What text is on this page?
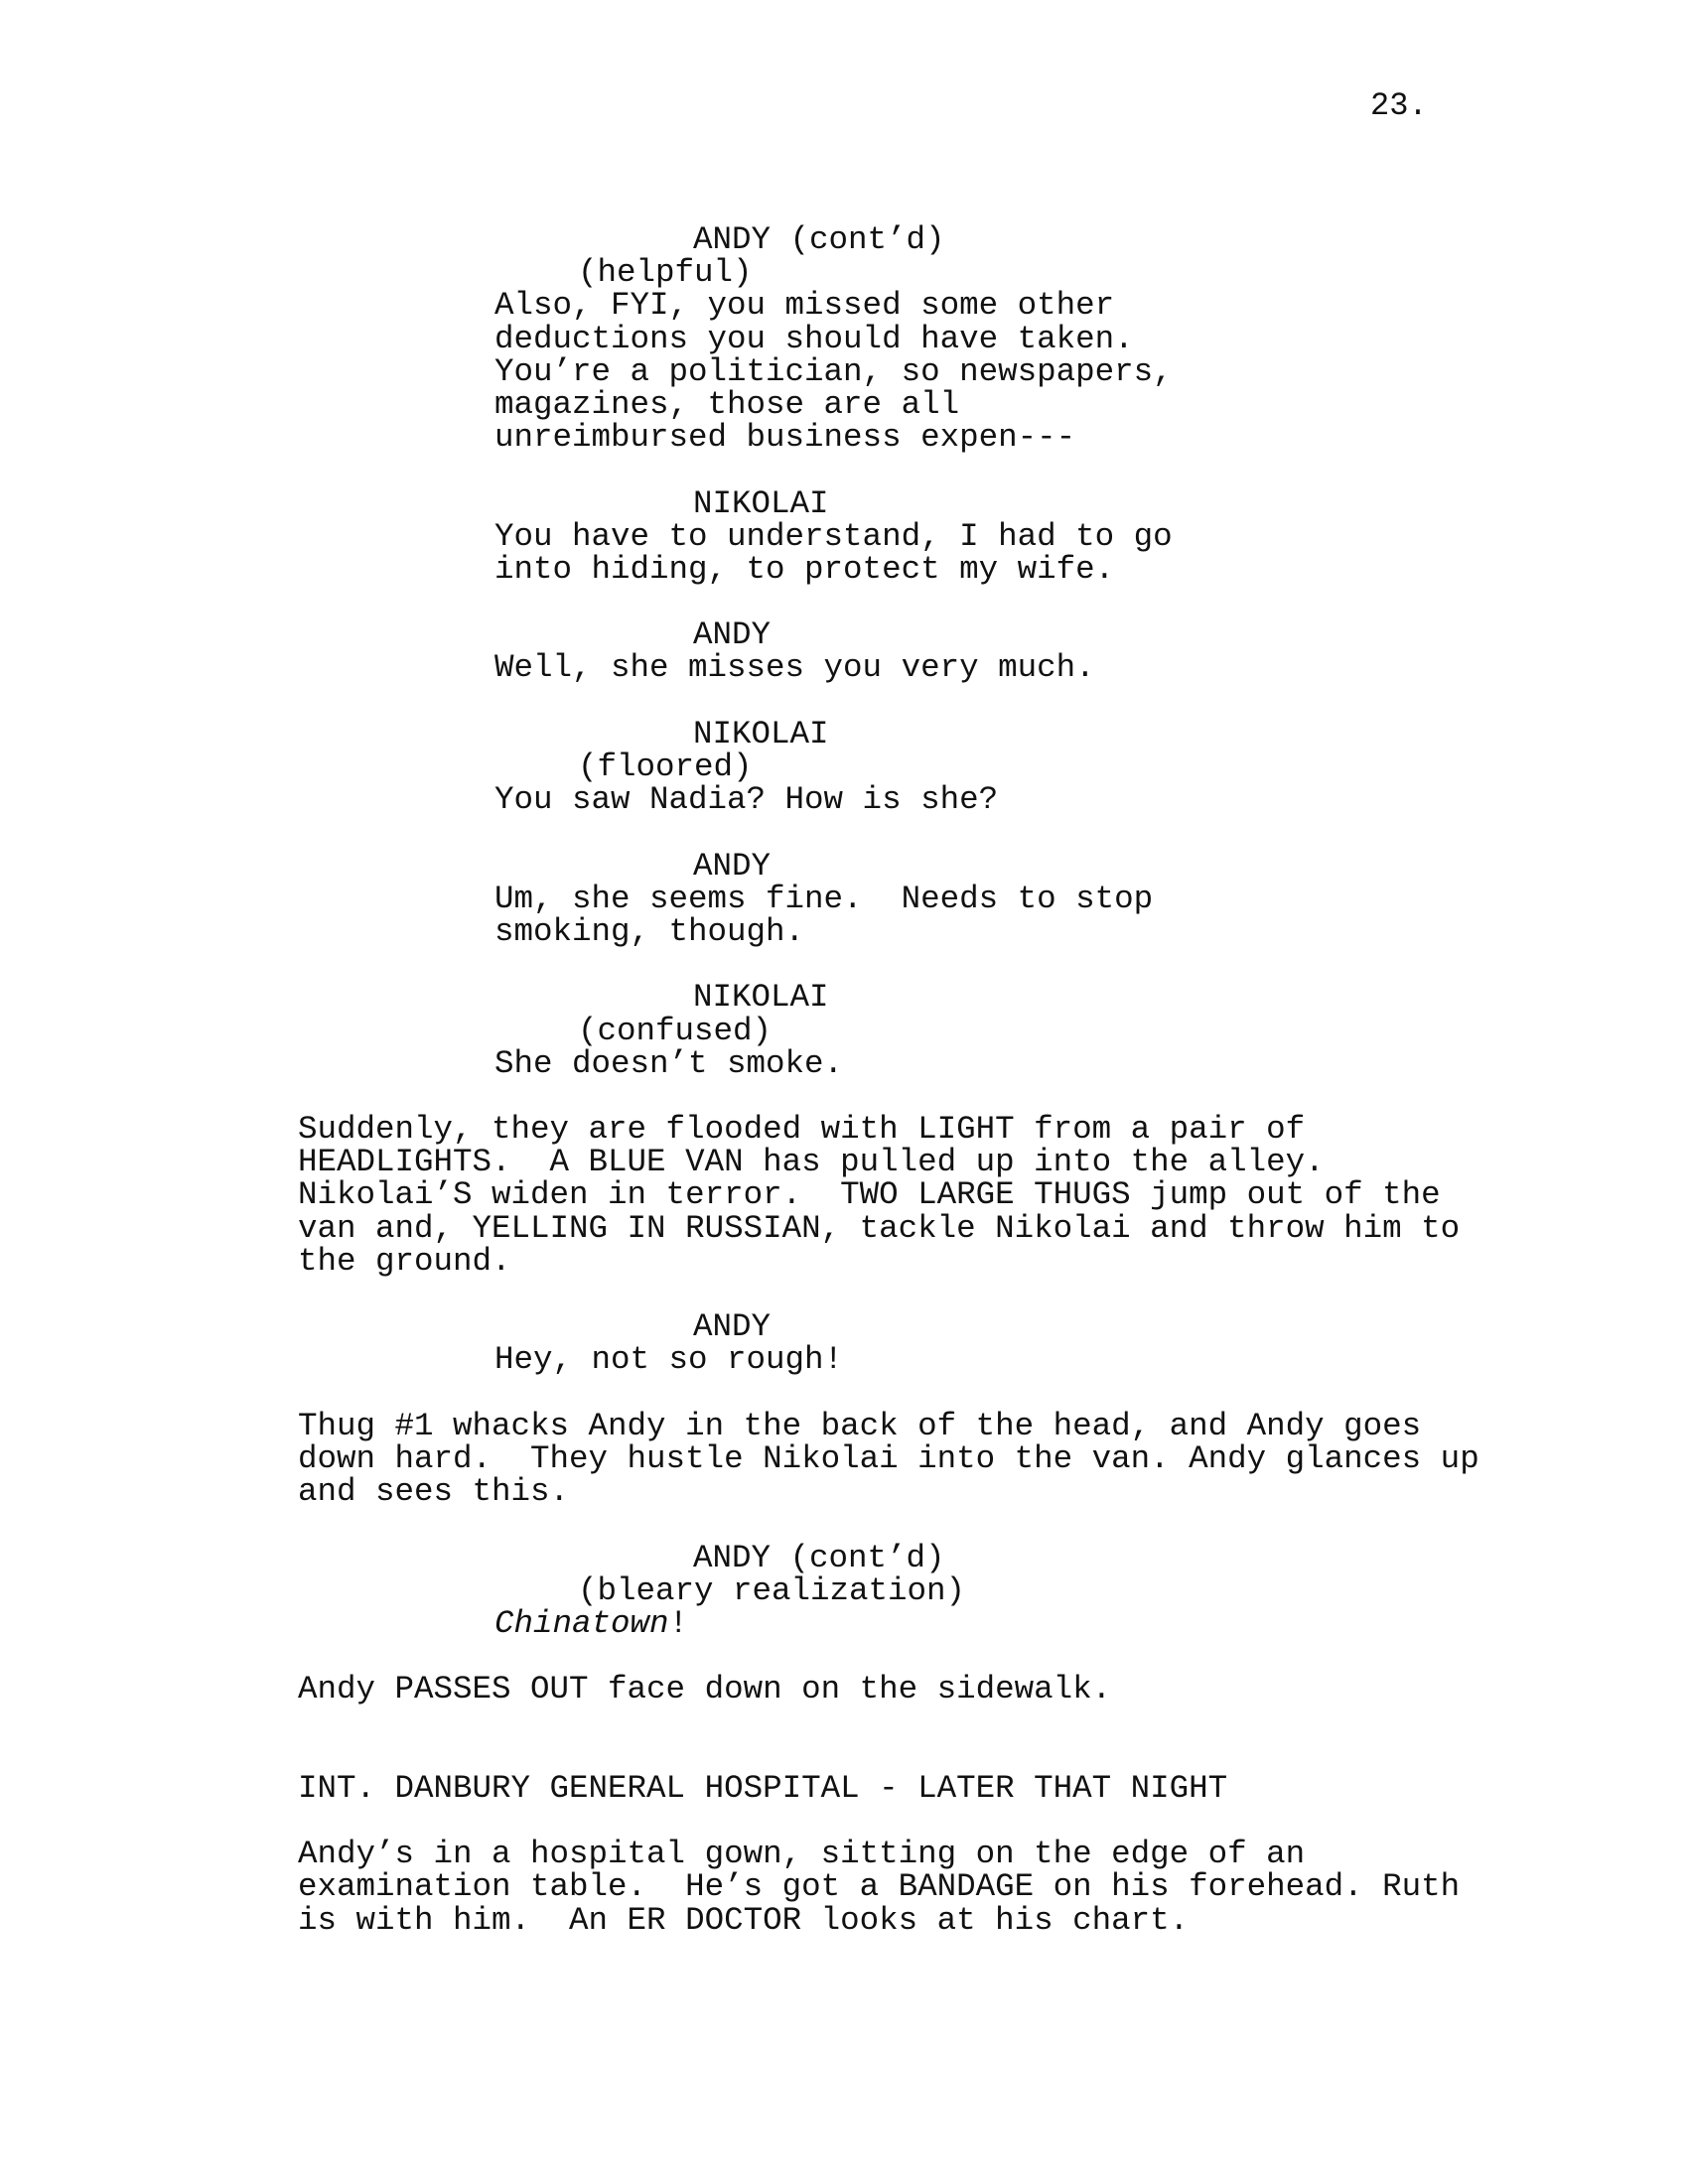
23.
ANDY (cont’d)
(helpful)
Also, FYI, you missed some other
deductions you should have taken.
You’re a politician, so newspapers,
magazines, those are all
unreimbursed business expen---
NIKOLAI
You have to understand, I had to go
into hiding, to protect my wife.
ANDY
Well, she misses you very much.
NIKOLAI
(floored)
You saw Nadia? How is she?
ANDY
Um, she seems fine.  Needs to stop
smoking, though.
NIKOLAI
(confused)
She doesn’t smoke.
Suddenly, they are flooded with LIGHT from a pair of
HEADLIGHTS.  A BLUE VAN has pulled up into the alley.
Nikolai’S widen in terror.  TWO LARGE THUGS jump out of the
van and, YELLING IN RUSSIAN, tackle Nikolai and throw him to
the ground.
ANDY
Hey, not so rough!
Thug #1 whacks Andy in the back of the head, and Andy goes
down hard.  They hustle Nikolai into the van. Andy glances up
and sees this.
ANDY (cont’d)
(bleary realization)
Chinatown!
Andy PASSES OUT face down on the sidewalk.
INT. DANBURY GENERAL HOSPITAL - LATER THAT NIGHT
Andy’s in a hospital gown, sitting on the edge of an
examination table.  He’s got a BANDAGE on his forehead. Ruth
is with him.  An ER DOCTOR looks at his chart.
